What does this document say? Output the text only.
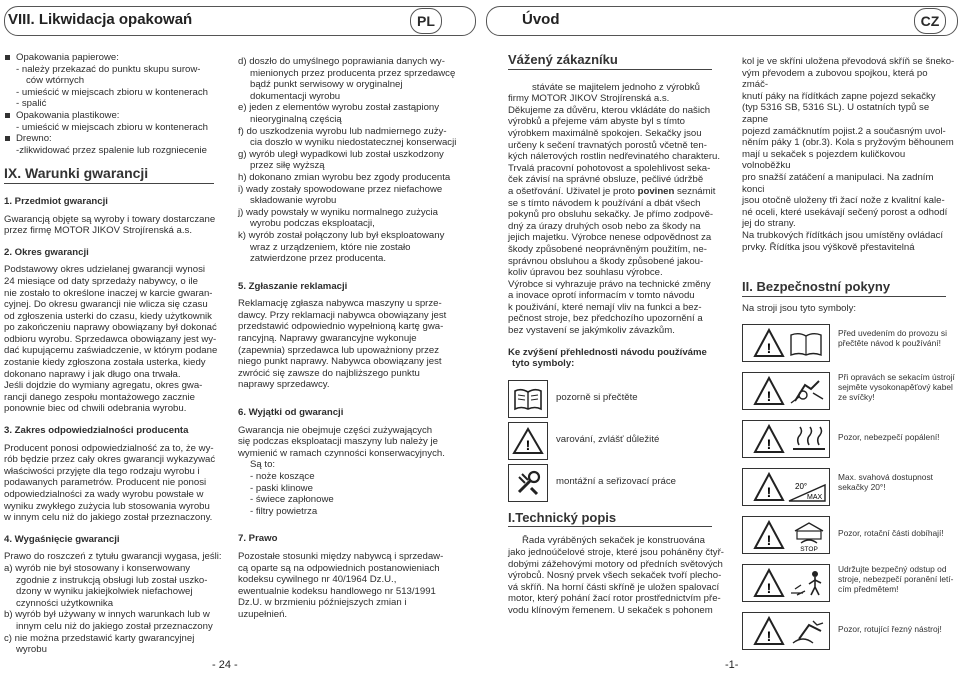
VIII. Likwidacja opakowań	PL

Opakowania papierowe:

- należy przekazać do punktu skupu surow-

ców wtórnych

- umieścić w miejscach zbioru w kontenerach

- spalić

Opakowania plastikowe:

- umieścić w miejscach zbioru w kontenerach

Drewno:

-zlikwidować przez spalenie lub rozgniecenie

IX. Warunki gwarancji

1. Przedmiot gwarancji

Gwarancją objęte są wyroby i towary dostarczane

przez firmę MOTOR JIKOV Strojírenská a.s.

2. Okres gwarancji

Podstawowy okres udzielanej gwarancji wynosi

24 miesiące od daty sprzedaży nabywcy, o ile

nie zostało to określone inaczej w karcie gwaran-

cyjnej. Do okresu gwarancji nie wlicza się czasu

od zgłoszenia usterki do czasu, kiedy użytkownik

po zakończeniu naprawy obowiązany był dokonać

odbioru wyrobu. Sprzedawca obowiązany jest wy-

dać kupującemu zaświadczenie, w którym podane

zostanie kiedy zgłoszona została usterka, kiedy

dokonano naprawy i jak długo ona trwała.

Jeśli dojdzie do wymiany agregatu, okres gwa-

rancji danego zespołu montażowego zacznie

ponownie biec od chwili odebrania wyrobu.

3. Zakres odpowiedzialności producenta

Producent ponosi odpowiedzialność za to, że wy-

rób będzie przez cały okres gwarancji wykazywać

właściwości przyjęte dla tego rodzaju wyrobu i

podawanych parametrów. Producent nie ponosi

odpowiedzialności za wady wyrobu powstałe w

wyniku zwykłego zużycia lub stosowania wyrobu

w innym celu niż do jakiego został przeznaczony.

4. Wygaśnięcie gwarancji

Prawo do roszczeń z tytułu gwarancji wygasa, jeśli:

a) wyrób nie był stosowany i konserwowany

zgodnie z instrukcją obsługi lub został uszko-

dzony w wyniku jakiejkolwiek niefachowej

czynności użytkownika

b) wyrób był używany w innych warunkach lub w

innym celu niż do jakiego został przeznaczony

c) nie można przedstawić karty gwarancyjnej

wyrobu

d) doszło do umyślnego poprawiania danych wy-

mienionych przez producenta przez sprzedawcę

bądź punkt serwisowy w oryginalnej

dokumentacji wyrobu

e) jeden z elementów wyrobu został zastąpiony

nieoryginalną częścią

f) do uszkodzenia wyrobu lub nadmiernego zuży-

cia doszło w wyniku niedostatecznej konserwacji

g) wyrób uległ wypadkowi lub został uszkodzony

przez siłę wyższą

h) dokonano zmian wyrobu bez zgody producenta

i) wady zostały spowodowane przez niefachowe

składowanie wyrobu

j) wady powstały w wyniku normalnego zużycia

wyrobu podczas eksploatacji,

k) wyrób został połączony lub był eksploatowany

wraz z urządzeniem, które nie zostało

zatwierdzone przez producenta.

5. Zgłaszanie reklamacji

Reklamację zgłasza nabywca maszyny u sprze-

dawcy. Przy reklamacji nabywca obowiązany jest

przedstawić odpowiednio wypełnioną kartę gwa-

rancyjną. Naprawy gwarancyjne wykonuje

(zapewnia) sprzedawca lub upoważniony przez

niego punkt naprawy. Nabywca obowiązany jest

zwrócić się zawsze do najbliższego punktu

naprawy sprzedawcy.

6. Wyjątki od gwarancji

Gwarancja nie obejmuje części zużywających

się podczas eksploatacji maszyny lub należy je

wymienić w ramach czynności konserwacyjnych.

Są to:

- noże koszące

- paski klinowe

- świece zapłonowe

- filtry powietrza

7. Prawo

Pozostałe stosunki między nabywcą i sprzedaw-

cą oparte są na odpowiednich postanowieniach

kodeksu cywilnego nr 40/1964 Dz.U.,

ewentualnie kodeksu handlowego nr 513/1991

Dz.U. w brzmieniu późniejszych zmian i

uzupełnień.

- 24 -
Úvod	CZ

Vážený zákazníku

stáváte se majitelem jednoho z výrobků

firmy MOTOR JIKOV Strojírenská a.s.

Děkujeme za důvěru, kterou vkládáte do našich

výrobků a přejeme vám abyste byl s tímto

výrobkem maximálně spokojen. Sekačky jsou

určeny k sečení travnatých porostů včetně ten-

kých nálетových rostlin nedřevinatého charakteru.

Trvalá pracovní pohotovost a spolehlivost seka-

ček závisí na správné obsluze, pečlivé údržbě

a ošetřování. Uživatel je proto povinen seznámit

se s tímto návodem k používání a dbát všech

pokynů pro obsluhu sekačky. Je přímo zodpově-

dný za úrazy druhých osob nebo za škody na

jejich majetku. Výrobce nenese odpovědnost za

škody způsobené neoprávněným použitím, ne-

správnou obsluhou a škody způsobené jakou-

koliv úpravou bez souhlasu výrobce.

Výrobce si vyhrazuje právo na technické změny

a inovace oprotí informacím v tomto návodu

k použivání, které nemají vliv na funkci a bez-

pečnost stroje, bez předchozího upozornění a

bez vystavení se jakýmkoliv závazkům.

Ke zvýšení přehlednosti návodu používáme

tyto symboly:

pozorně si přečtěte
!	varování, zvlášť důležité
montážní a seřizovací práce

I.Technický popis

Řada vyráběných sekaček je konstruována

jako jednoúčelové stroje, které jsou poháněny čtyř-

dobými zážehovými motory od předních světových

výrobců. Nosný prvek všech sekaček tvoří plecho-

vá skříň. Na horní části skříně je uložen spalovací

motor, který pohání žací rotor prostřednictvím pře-

vodu klínovým řemenem. U sekaček s pohonem

kol je ve skříni uložena převodová skříň se šneko-

vým převodem a zubovou spojkou, která po zmáč-

knutí páky na řídítkách zapne pojezd sekačky

(typ 5316 SB, 5316 SL). U ostatních typů se zapne

pojezd zamáčknutím pojist.2 a současným uvol-

něním páky 1 (obr.3). Kola s pryžovým běhounem

mají u sekaček s pojezdem kuličkovou volnoběžku

pro snažší zatáčení a manipulaci. Na zadním konci

jsou otočně uloženy tři žací nože z kvalitní kale-

né oceli, které usekávají sečený porost a odhodí

jej do strany.

Na trubkových řídítkách jsou umístěny ovládací

prvky. Řídítka jsou výškově přestavitelná

II. Bezpečnostní pokyny

Na stroji jsou tyto symboly:

!
Před uvedením do provozu si
přečtěte návod k používání!
!
Při opravách se sekacím ústrojí
sejměte vysokonapěťový kabel
ze svíčky!
!	Pozor, nebezpečí popálení!
!	20°
MAX
Max. svahová dostupnost
sekačky 20°!
!
STOP
Pozor, rotační části dobíhají!
!
Udržujte bezpečný odstup od
stroje, nebezpečí poranění letí-
cím předmětem!
!	Pozor, rotující řezný nástroj!
-1-
